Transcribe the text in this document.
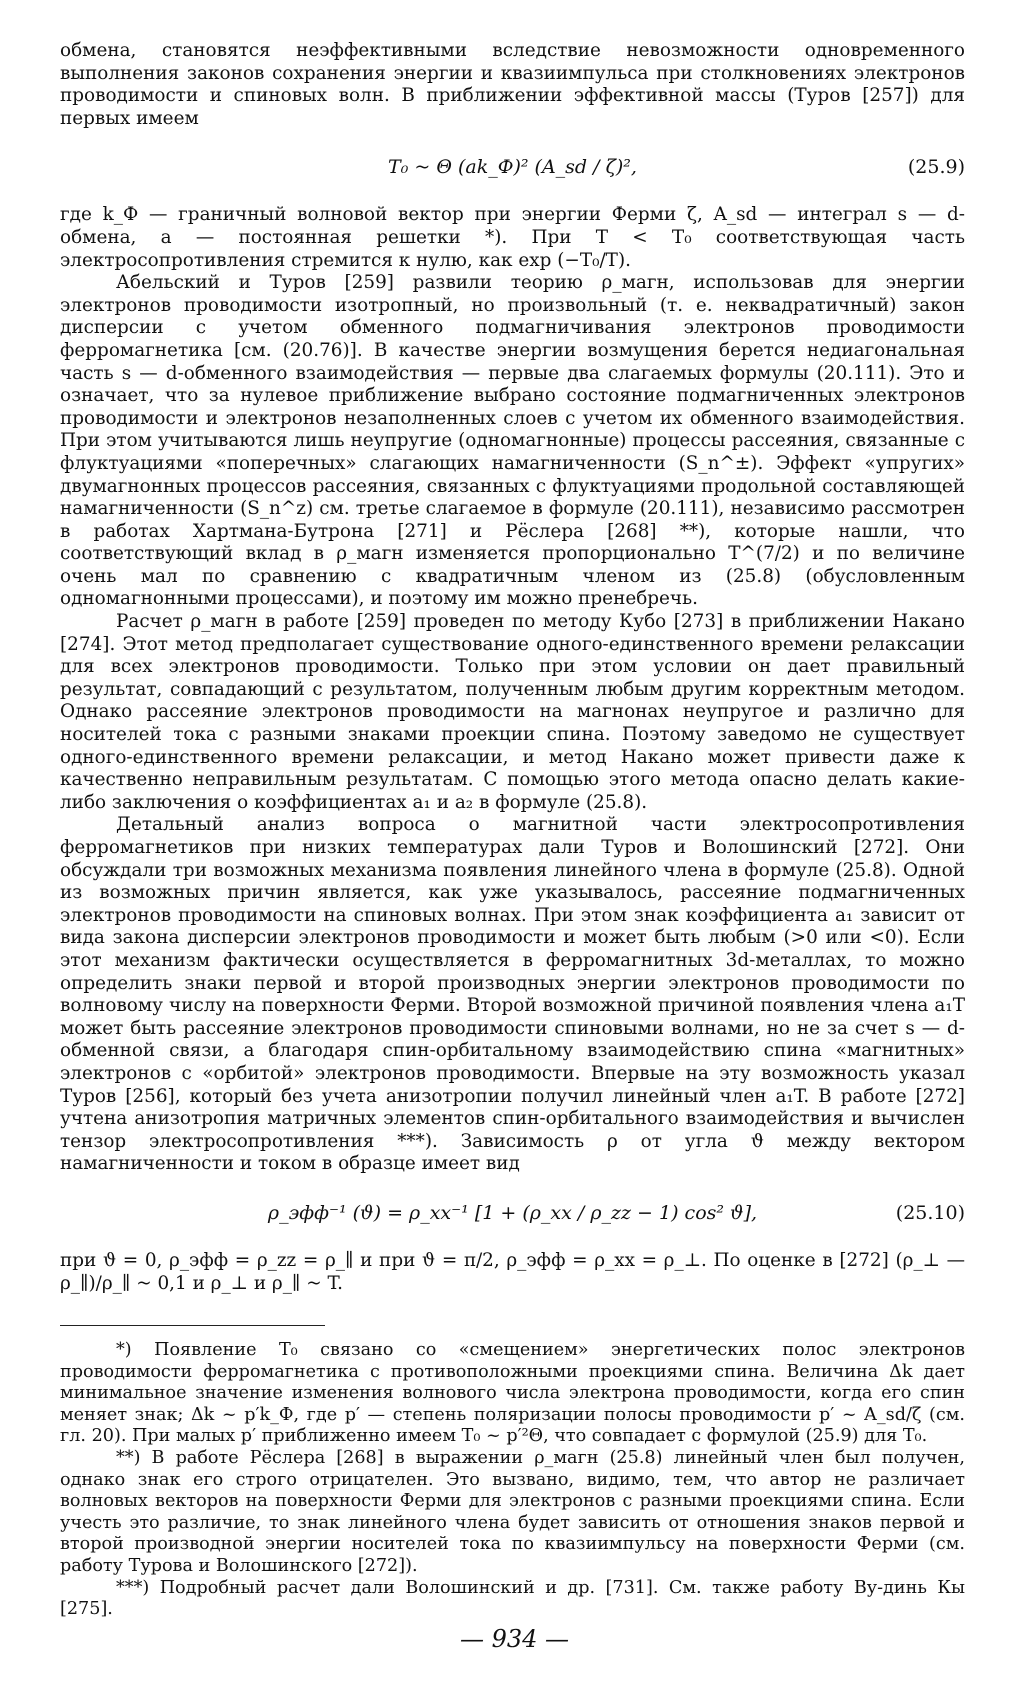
обмена, становятся неэффективными вследствие невозможности одновременного выполнения законов сохранения энергии и квазиимпульса при столкновениях электронов проводимости и спиновых волн. В приближении эффективной массы (Туров [257]) для первых имеем

T₀ ~ Θ (ak_Ф)² (A_sd / ζ)²,	(25.9)

где k_Ф — граничный волновой вектор при энергии Ферми ζ, A_sd — интеграл s — d-обмена, a — постоянная решетки *). При T < T₀ соответствующая часть электросопротивления стремится к нулю, как exp (−T₀/T).

Абельский и Туров [259] развили теорию ρ_магн, использовав для энергии электронов проводимости изотропный, но произвольный (т. е. неквадратичный) закон дисперсии с учетом обменного подмагничивания электронов проводимости ферромагнетика [см. (20.76)]. В качестве энергии возмущения берется недиагональная часть s — d-обменного взаимодействия — первые два слагаемых формулы (20.111). Это и означает, что за нулевое приближение выбрано состояние подмагниченных электронов проводимости и электронов незаполненных слоев с учетом их обменного взаимодействия. При этом учитываются лишь неупругие (одномагнонные) процессы рассеяния, связанные с флуктуациями «поперечных» слагающих намагниченности (S_n^±). Эффект «упругих» двумагнонных процессов рассеяния, связанных с флуктуациями продольной составляющей намагниченности (S_n^z) см. третье слагаемое в формуле (20.111), независимо рассмотрен в работах Хартмана-Бутрона [271] и Рёслера [268] **), которые нашли, что соответствующий вклад в ρ_магн изменяется пропорционально T^(7/2) и по величине очень мал по сравнению с квадратичным членом из (25.8) (обусловленным одномагнонными процессами), и поэтому им можно пренебречь.

Расчет ρ_магн в работе [259] проведен по методу Кубо [273] в приближении Накано [274]. Этот метод предполагает существование одного-единственного времени релаксации для всех электронов проводимости. Только при этом условии он дает правильный результат, совпадающий с результатом, полученным любым другим корректным методом. Однако рассеяние электронов проводимости на магнонах неупругое и различно для носителей тока с разными знаками проекции спина. Поэтому заведомо не существует одного-единственного времени релаксации, и метод Накано может привести даже к качественно неправильным результатам. С помощью этого метода опасно делать какие-либо заключения о коэффициентах a₁ и a₂ в формуле (25.8).

Детальный анализ вопроса о магнитной части электросопротивления ферромагнетиков при низких температурах дали Туров и Волошинский [272]. Они обсуждали три возможных механизма появления линейного члена в формуле (25.8). Одной из возможных причин является, как уже указывалось, рассеяние подмагниченных электронов проводимости на спиновых волнах. При этом знак коэффициента a₁ зависит от вида закона дисперсии электронов проводимости и может быть любым (>0 или <0). Если этот механизм фактически осуществляется в ферромагнитных 3d-металлах, то можно определить знаки первой и второй производных энергии электронов проводимости по волновому числу на поверхности Ферми. Второй возможной причиной появления члена a₁T может быть рассеяние электронов проводимости спиновыми волнами, но не за счет s — d-обменной связи, а благодаря спин-орбитальному взаимодействию спина «магнитных» электронов с «орбитой» электронов проводимости. Впервые на эту возможность указал Туров [256], который без учета анизотропии получил линейный член a₁T. В работе [272] учтена анизотропия матричных элементов спин-орбитального взаимодействия и вычислен тензор электросопротивления ***). Зависимость ρ от угла ϑ между вектором намагниченности и током в образце имеет вид

ρ_эфф⁻¹ (ϑ) = ρ_xx⁻¹ [1 + (ρ_xx / ρ_zz − 1) cos² ϑ],	(25.10)

при ϑ = 0, ρ_эфф = ρ_zz = ρ_∥ и при ϑ = π/2, ρ_эфф = ρ_xx = ρ_⊥. По оценке в [272] (ρ_⊥ — ρ_∥)/ρ_∥ ~ 0,1 и ρ_⊥ и ρ_∥ ~ T.

*) Появление T₀ связано со «смещением» энергетических полос электронов проводимости ферромагнетика с противоположными проекциями спина. Величина Δk дает минимальное значение изменения волнового числа электрона проводимости, когда его спин меняет знак; Δk ~ p′k_Ф, где p′ — степень поляризации полосы проводимости p′ ~ A_sd/ζ (см. гл. 20). При малых p′ приближенно имеем T₀ ~ p′²Θ, что совпадает с формулой (25.9) для T₀.

**) В работе Рёслера [268] в выражении ρ_магн (25.8) линейный член был получен, однако знак его строго отрицателен. Это вызвано, видимо, тем, что автор не различает волновых векторов на поверхности Ферми для электронов с разными проекциями спина. Если учесть это различие, то знак линейного члена будет зависить от отношения знаков первой и второй производной энергии носителей тока по квазиимпульсу на поверхности Ферми (см. работу Турова и Волошинского [272]).

***) Подробный расчет дали Волошинский и др. [731]. См. также работу Ву-динь Кы [275].

— 934 —
